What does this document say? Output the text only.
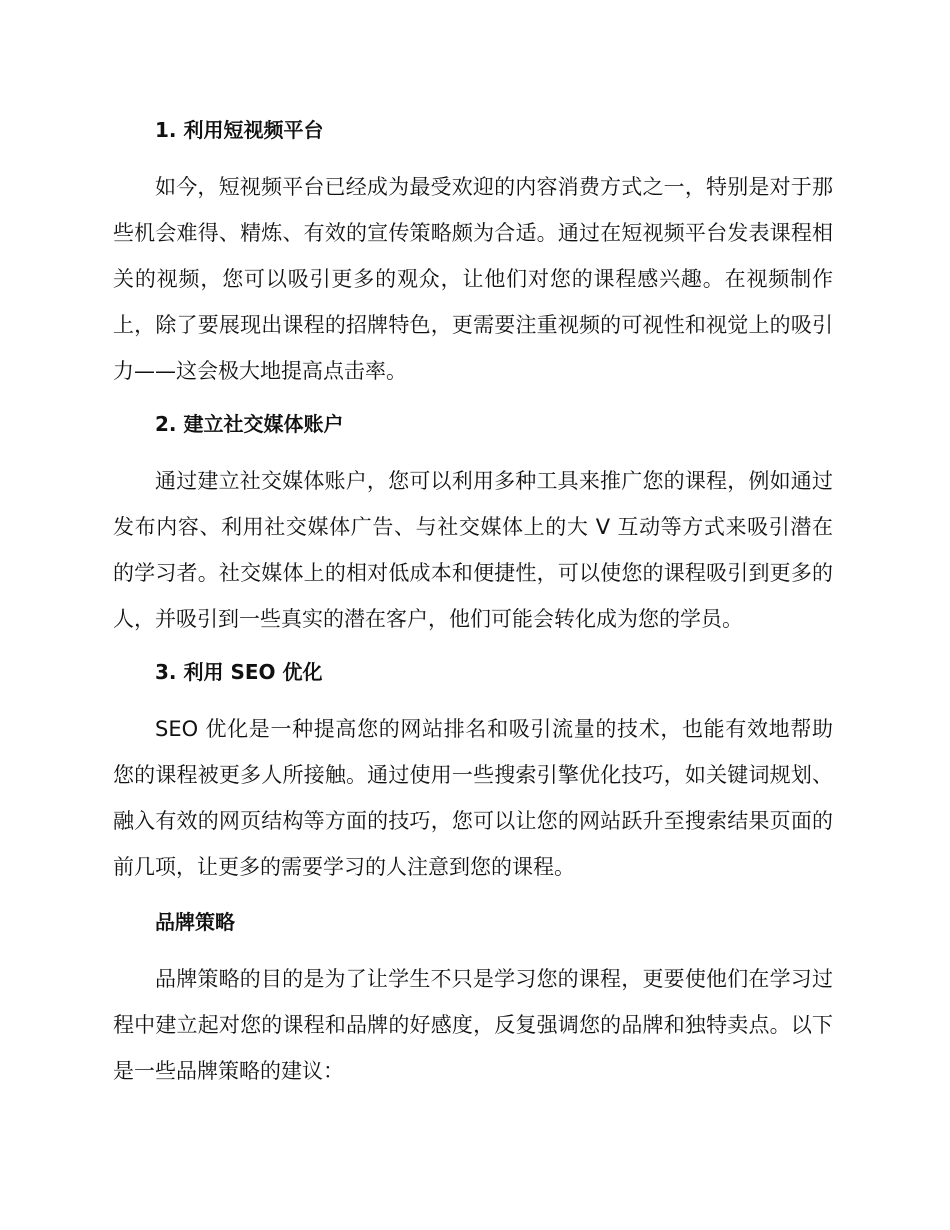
1. 利用短视频平台

如今，短视频平台已经成为最受欢迎的内容消费方式之一，特别是对于那些机会难得、精炼、有效的宣传策略颇为合适。通过在短视频平台发表课程相关的视频，您可以吸引更多的观众，让他们对您的课程感兴趣。在视频制作上，除了要展现出课程的招牌特色，更需要注重视频的可视性和视觉上的吸引力——这会极大地提高点击率。

2. 建立社交媒体账户

通过建立社交媒体账户，您可以利用多种工具来推广您的课程，例如通过发布内容、利用社交媒体广告、与社交媒体上的大 V 互动等方式来吸引潜在的学习者。社交媒体上的相对低成本和便捷性，可以使您的课程吸引到更多的人，并吸引到一些真实的潜在客户，他们可能会转化成为您的学员。

3. 利用 SEO 优化

SEO 优化是一种提高您的网站排名和吸引流量的技术，也能有效地帮助您的课程被更多人所接触。通过使用一些搜索引擎优化技巧，如关键词规划、融入有效的网页结构等方面的技巧，您可以让您的网站跃升至搜索结果页面的前几项，让更多的需要学习的人注意到您的课程。

品牌策略

品牌策略的目的是为了让学生不只是学习您的课程，更要使他们在学习过程中建立起对您的课程和品牌的好感度，反复强调您的品牌和独特卖点。以下是一些品牌策略的建议：
